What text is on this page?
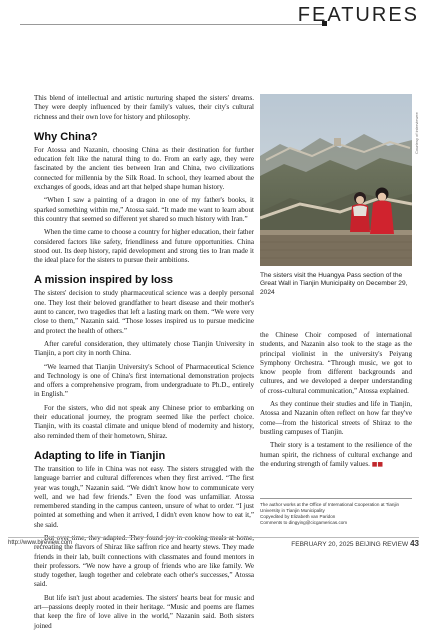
FEATURES

This blend of intellectual and artistic nurturing shaped the sisters' dreams. They were deeply influenced by their family's values, their city's cultural richness and their own love for history and philosophy.

Why China?

For Atossa and Nazanin, choosing China as their destination for further education felt like the natural thing to do. From an early age, they were fascinated by the ancient ties between Iran and China, two civilizations connected for millennia by the Silk Road. In school, they learned about the exchanges of goods, ideas and art that helped shape human history.

“When I saw a painting of a dragon in one of my father's books, it sparked something within me,” Atossa said. “It made me want to learn about this country that seemed so different yet shared so much history with Iran.”

When the time came to choose a country for higher education, their father considered factors like safety, friendliness and future opportunities. China stood out. Its deep history, rapid development and strong ties to Iran made it the ideal place for the sisters to pursue their ambitions.

A mission inspired by loss

The sisters' decision to study pharmaceutical science was a deeply personal one. They lost their beloved grandfather to heart disease and their mother's aunt to cancer, two tragedies that left a lasting mark on them. “We were very close to them,” Nazanin said. “Those losses inspired us to pursue medicine and protect the health of others.”

After careful consideration, they ultimately chose Tianjin University in Tianjin, a port city in north China.

“We learned that Tianjin University's School of Pharmaceutical Science and Technology is one of China's first international demonstration projects and offers a comprehensive program, from undergraduate to Ph.D., entirely in English.”

For the sisters, who did not speak any Chinese prior to embarking on their educational journey, the program seemed like the perfect choice. Tianjin, with its coastal climate and unique blend of modernity and history, also reminded them of their hometown, Shiraz.

Adapting to life in Tianjin

The transition to life in China was not easy. The sisters struggled with the language barrier and cultural differences when they first arrived. “The first year was tough,” Nazanin said. “We didn't know how to communicate very well, and we had few friends.” Even the food was unfamiliar. Atossa remembered standing in the campus canteen, unsure of what to order. “I just pointed at something and when it arrived, I didn't even know how to eat it,” she said.

But over time, they adapted. They found joy in cooking meals at home, recreating the flavors of Shiraz like saffron rice and hearty stews. They made friends in their lab, built connections with classmates and found mentors in their professors. “We now have a group of friends who are like family. We study together, laugh together and celebrate each other's successes,” Atossa said.

But life isn't just about academies. The sisters' hearts beat for music and art—passions deeply rooted in their heritage. “Music and poems are flames that keep the fire of love alive in the world,” Nazanin said. Both sisters joined

Courtesy of interviewee
The sisters visit the Huangya Pass section of the Great Wall in Tianjin Municipality on December 29, 2024

the Chinese Choir composed of international students, and Nazanin also took to the stage as the principal violinist in the university's Peiyang Symphony Orchestra. “Through music, we got to know people from different backgrounds and cultures, and we developed a deeper understanding of cross-cultural communication,” Atossa explained.

As they continue their studies and life in Tianjin, Atossa and Nazanin often reflect on how far they've come—from the historical streets of Shiraz to the bustling campuses of Tianjin.

Their story is a testament to the resilience of the human spirit, the richness of cultural exchange and the enduring strength of family values. ■■

The author works at the Office of International Cooperation at Tianjin University in Tianjin Municipality
Copyedited by Elizabeth van Paridon
Comments to dingying@cicgamericas.com
http://www.bjreview.com	FEBRUARY 20, 2025 BEIJING REVIEW 43
